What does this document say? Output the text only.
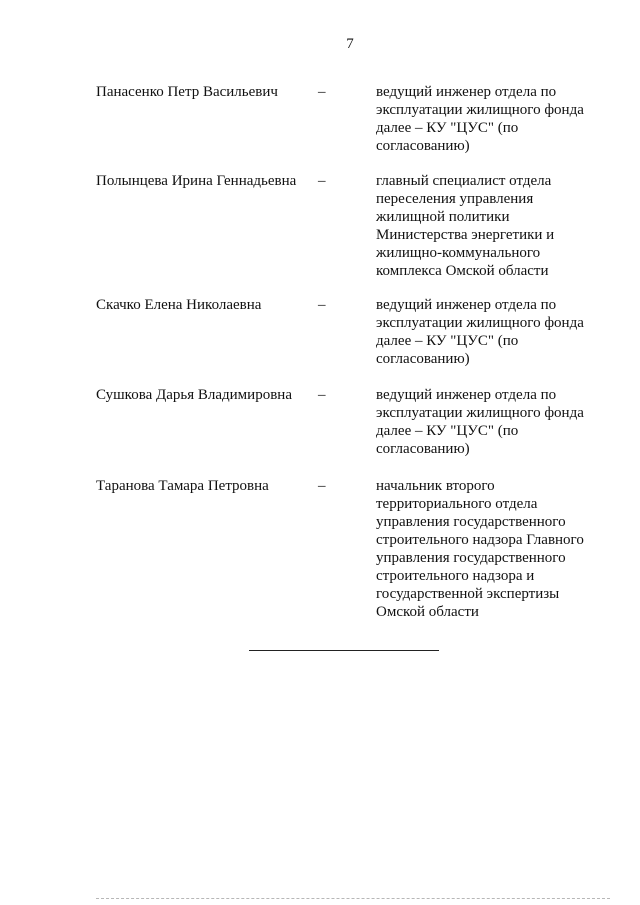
7
Панасенко Петр Васильевич	–	ведущий инженер отдела по
эксплуатации жилищного фонда
далее – КУ "ЦУС" (по
согласованию)
Полынцева Ирина Геннадьевна –	главный специалист отдела
переселения управления
жилищной политики
Министерства энергетики и
жилищно-коммунального
комплекса Омской области
Скачко Елена Николаевна	–	ведущий инженер отдела по
эксплуатации жилищного фонда
далее – КУ "ЦУС" (по
согласованию)
Сушкова Дарья Владимировна –	ведущий инженер отдела по
эксплуатации жилищного фонда
далее – КУ "ЦУС" (по
согласованию)
Таранова Тамара Петровна	–	начальник второго
территориального отдела
управления государственного
строительного надзора Главного
управления государственного
строительного надзора и
государственной экспертизы
Омской области
